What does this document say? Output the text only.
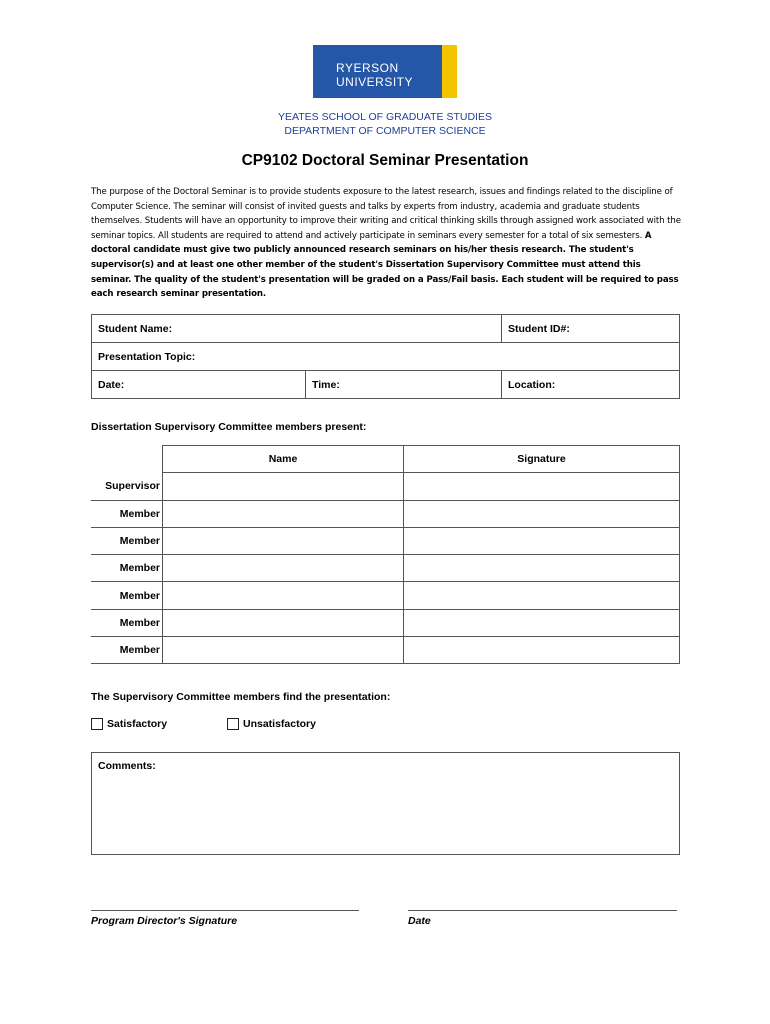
RYERSON
UNIVERSITY
YEATES SCHOOL OF GRADUATE STUDIES
DEPARTMENT OF COMPUTER SCIENCE
CP9102 Doctoral Seminar Presentation
The purpose of the Doctoral Seminar is to provide students exposure to the latest research, issues and findings related to the discipline of Computer Science. The seminar will consist of invited guests and talks by experts from industry, academia and graduate students themselves. Students will have an opportunity to improve their writing and critical thinking skills through assigned work associated with the seminar topics. All students are required to attend and actively participate in seminars every semester for a total of six semesters. A doctoral candidate must give two publicly announced research seminars on his/her thesis research. The student's supervisor(s) and at least one other member of the student's Dissertation Supervisory Committee must attend this seminar. The quality of the student's presentation will be graded on a Pass/Fail basis. Each student will be required to pass each research seminar presentation.
Student Name:		Student ID#:
Presentation Topic:		
Date:	Time:	Location:
Dissertation Supervisory Committee members present:
	Name	Signature
Supervisor		
Member		
Member		
Member		
Member		
Member		
Member		
The Supervisory Committee members find the presentation:
Satisfactory	Unsatisfactory
Comments:
Program Director's Signature	Date
